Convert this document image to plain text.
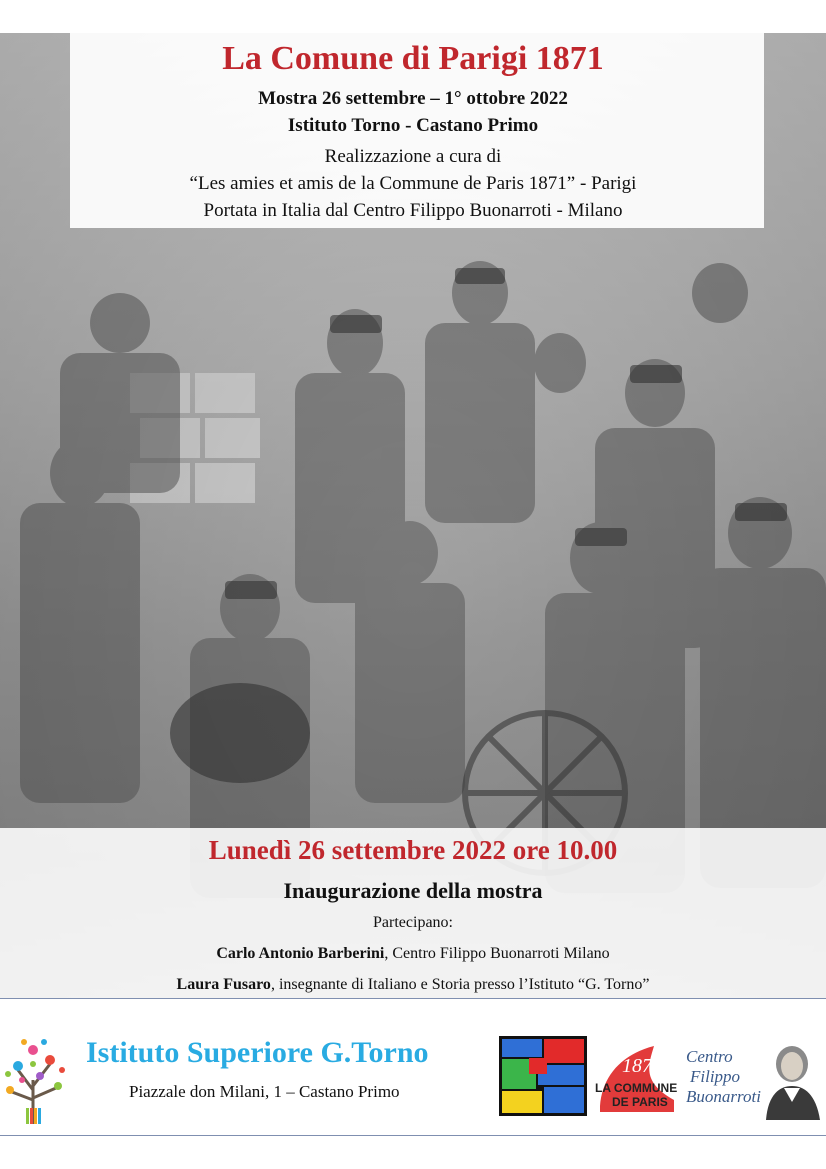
La Comune di Parigi 1871
Mostra 26 settembre – 1° ottobre 2022
Istituto Torno - Castano Primo
Realizzazione a cura di
“Les amies et amis de la Commune de Paris 1871” - Parigi
Portata in Italia dal Centro Filippo Buonarroti - Milano
Lunedì 26 settembre 2022 ore 10.00
Inaugurazione della mostra
Partecipano:
Carlo Antonio Barberini, Centro Filippo Buonarroti Milano
Laura Fusaro, insegnante di Italiano e Storia presso l’Istituto “G. Torno”
Istituto Superiore G.Torno
Piazzale don Milani, 1 – Castano Primo
1871
LA COMMUNE
DE PARIS
Centro
Filippo
Buonarroti
